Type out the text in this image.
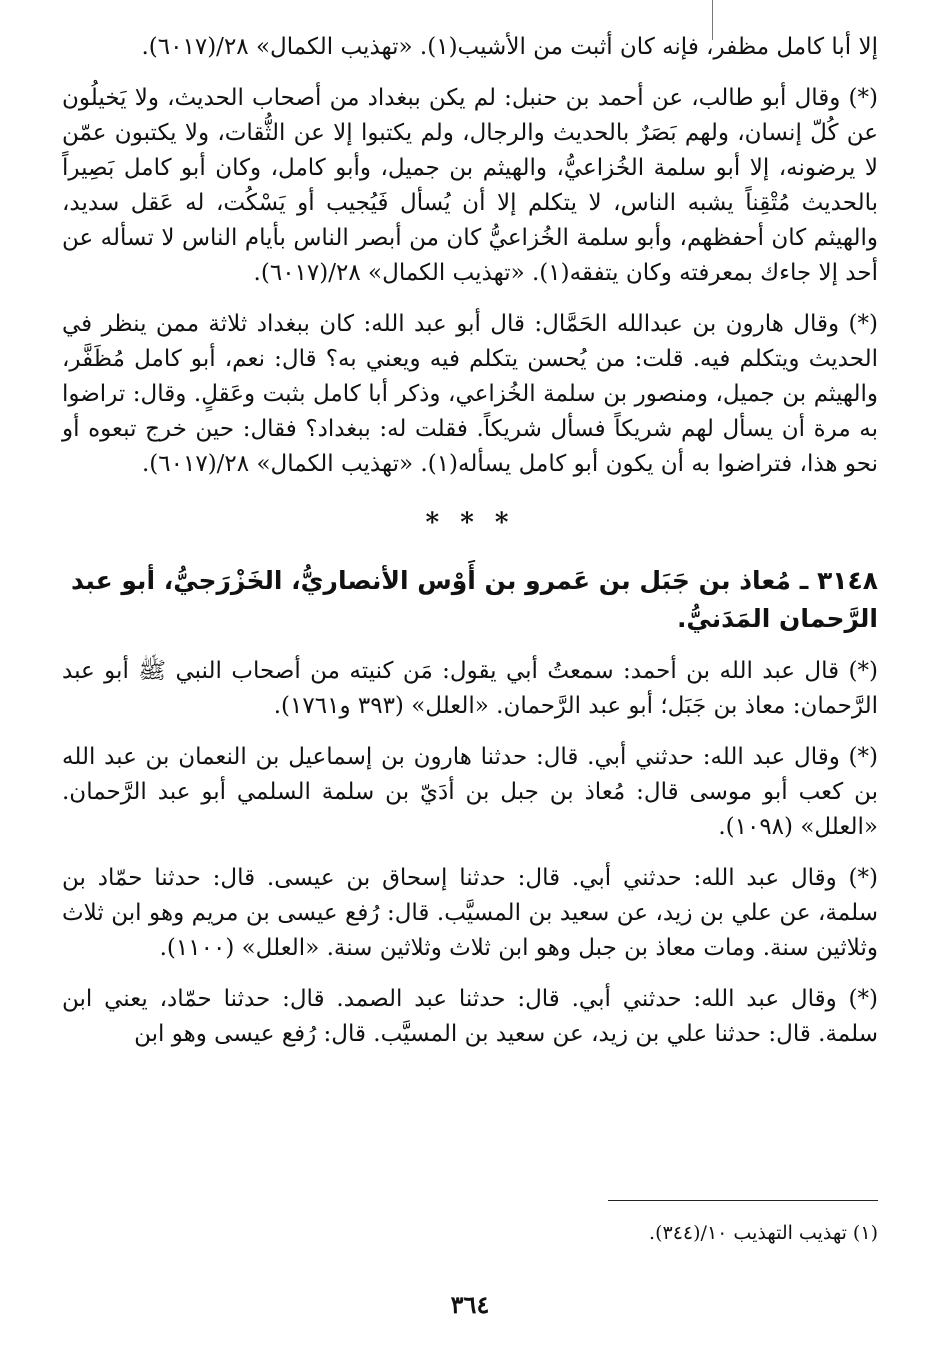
إلا أبا كامل مظفر، فإنه كان أثبت من الأشيب(١). «تهذيب الكمال» ٢٨/(٦٠١٧).

(*) وقال أبو طالب، عن أحمد بن حنبل: لم يكن ببغداد من أصحاب الحديث، ولا يَخيلُون عن كُلّ إنسان، ولهم بَصَرٌ بالحديث والرجال، ولم يكتبوا إلا عن الثُّقات، ولا يكتبون عمّن لا يرضونه، إلا أبو سلمة الخُزاعيُّ، والهيثم بن جميل، وأبو كامل، وكان أبو كامل بَصِيراً بالحديث مُتْقِناً يشبه الناس، لا يتكلم إلا أن يُسأل فَيُجيب أو يَسْكُت، له عَقل سديد، والهيثم كان أحفظهم، وأبو سلمة الخُزاعيُّ كان من أبصر الناس بأيام الناس لا تسأله عن أحد إلا جاءك بمعرفته وكان يتفقه(١). «تهذيب الكمال» ٢٨/(٦٠١٧).

(*) وقال هارون بن عبدالله الحَمَّال: قال أبو عبد الله: كان ببغداد ثلاثة ممن ينظر في الحديث ويتكلم فيه. قلت: من يُحسن يتكلم فيه ويعني به؟ قال: نعم، أبو كامل مُظَفَّر، والهيثم بن جميل، ومنصور بن سلمة الخُزاعي، وذكر أبا كامل بثبت وعَقلٍ. وقال: تراضوا به مرة أن يسأل لهم شريكاً فسأل شريكاً. فقلت له: ببغداد؟ فقال: حين خرج تبعوه أو نحو هذا، فتراضوا به أن يكون أبو كامل يسأله(١). «تهذيب الكمال» ٢٨/(٦٠١٧).

* * *
٣١٤٨ ـ مُعاذ بن جَبَل بن عَمرو بن أَوْس الأنصاريُّ، الخَزْرَجيُّ، أبو عبد الرَّحمان المَدَنيُّ.

(*) قال عبد الله بن أحمد: سمعتُ أبي يقول: مَن كنيته من أصحاب النبي ﷺ أبو عبد الرَّحمان: معاذ بن جَبَل؛ أبو عبد الرَّحمان. «العلل» (٣٩٣ و١٧٦١).

(*) وقال عبد الله: حدثني أبي. قال: حدثنا هارون بن إسماعيل بن النعمان بن عبد الله بن كعب أبو موسى قال: مُعاذ بن جبل بن أدَيّ بن سلمة السلمي أبو عبد الرَّحمان. «العلل» (١٠٩٨).

(*) وقال عبد الله: حدثني أبي. قال: حدثنا إسحاق بن عيسى. قال: حدثنا حمّاد بن سلمة، عن علي بن زيد، عن سعيد بن المسيَّب. قال: رُفع عيسى بن مريم وهو ابن ثلاث وثلاثين سنة. ومات معاذ بن جبل وهو ابن ثلاث وثلاثين سنة. «العلل» (١١٠٠).

(*) وقال عبد الله: حدثني أبي. قال: حدثنا عبد الصمد. قال: حدثنا حمّاد، يعني ابن سلمة. قال: حدثنا علي بن زيد، عن سعيد بن المسيَّب. قال: رُفع عيسى وهو ابن

(١) تهذيب التهذيب ١٠/(٣٤٤).
٣٦٤
